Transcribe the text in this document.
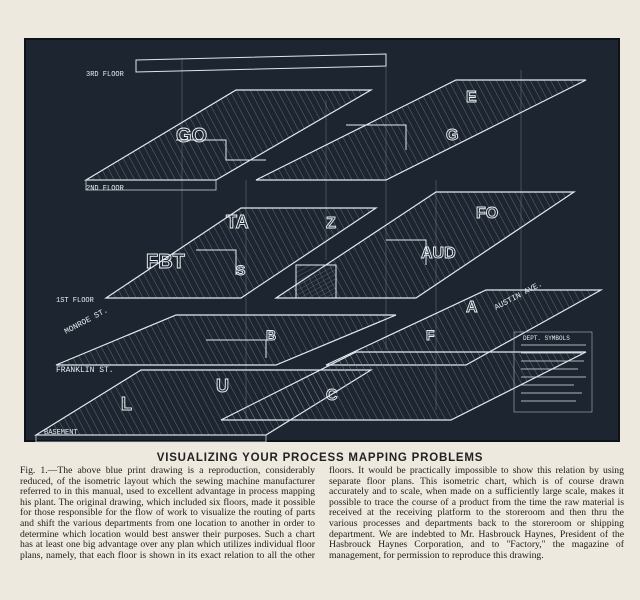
3RD FLOOR
2ND FLOOR
1ST FLOOR
BASEMENT
FRANKLIN ST.
MONROE ST.
AUSTIN AVE.
DEPT. SYMBOLS
GO
E
G
TA	FO
FBT	AUD
B
A
F
L
U	C
Z
S
VISUALIZING YOUR PROCESS MAPPING PROBLEMS

Fig. 1.—The above blue print drawing is a reproduction, considerably reduced, of the isometric layout which the sewing machine manufacturer referred to in this manual, used to excellent advantage in process mapping his plant. The original drawing, which included six floors, made it possible for those responsible for the flow of work to visualize the routing of parts and shift the various departments from one location to another in order to determine which location would best answer their purposes. Such a chart has at least one big advantage over any plan which utilizes individual floor plans, namely, that each floor is shown in its exact relation to all the other floors. It would be practically impossible to show this relation by using separate floor plans. This isometric chart, which is of course drawn accurately and to scale, when made on a sufficiently large scale, makes it possible to trace the course of a product from the time the raw material is received at the receiving platform to the storeroom and then thru the various processes and departments back to the storeroom or shipping department. We are indebted to Mr. Hasbrouck Haynes, President of the Hasbrouck Haynes Corporation, and to "Factory," the magazine of management, for permission to reproduce this drawing.
